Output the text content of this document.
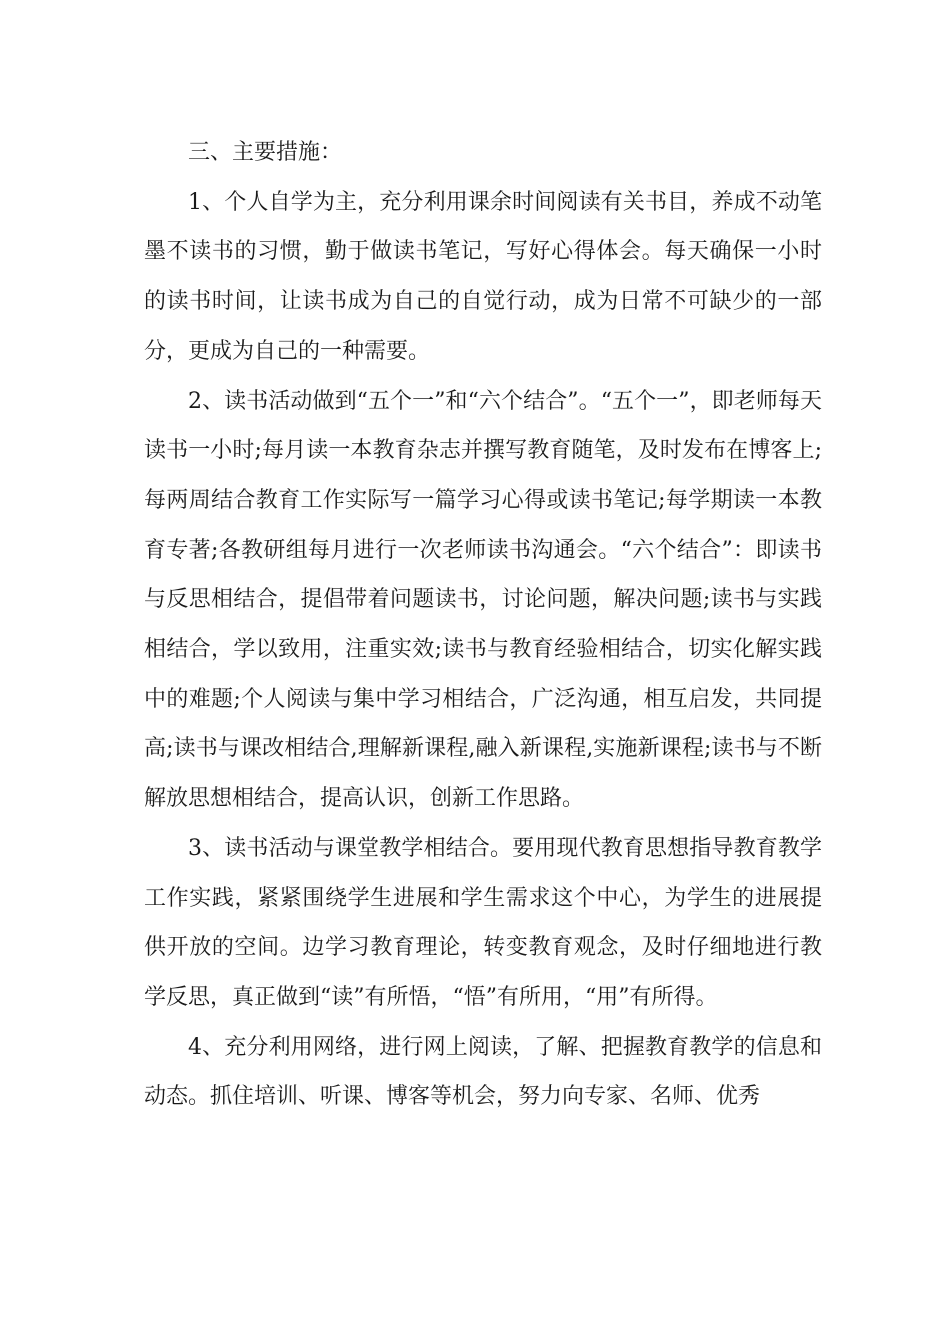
三、主要措施：

1、个人自学为主，充分利用课余时间阅读有关书目，养成不动笔墨不读书的习惯，勤于做读书笔记，写好心得体会。每天确保一小时的读书时间，让读书成为自己的自觉行动，成为日常不可缺少的一部分，更成为自己的一种需要。

2、读书活动做到“五个一”和“六个结合”。“五个一”，即老师每天读书一小时;每月读一本教育杂志并撰写教育随笔，及时发布在博客上;每两周结合教育工作实际写一篇学习心得或读书笔记;每学期读一本教育专著;各教研组每月进行一次老师读书沟通会。“六个结合”：即读书与反思相结合，提倡带着问题读书，讨论问题，解决问题;读书与实践相结合，学以致用，注重实效;读书与教育经验相结合，切实化解实践中的难题;个人阅读与集中学习相结合，广泛沟通，相互启发，共同提高;读书与课改相结合,理解新课程,融入新课程,实施新课程;读书与不断解放思想相结合，提高认识，创新工作思路。

3、读书活动与课堂教学相结合。要用现代教育思想指导教育教学工作实践，紧紧围绕学生进展和学生需求这个中心，为学生的进展提供开放的空间。边学习教育理论，转变教育观念，及时仔细地进行教学反思，真正做到“读”有所悟，“悟”有所用，“用”有所得。

4、充分利用网络，进行网上阅读，了解、把握教育教学的信息和动态。抓住培训、听课、博客等机会，努力向专家、名师、优秀
